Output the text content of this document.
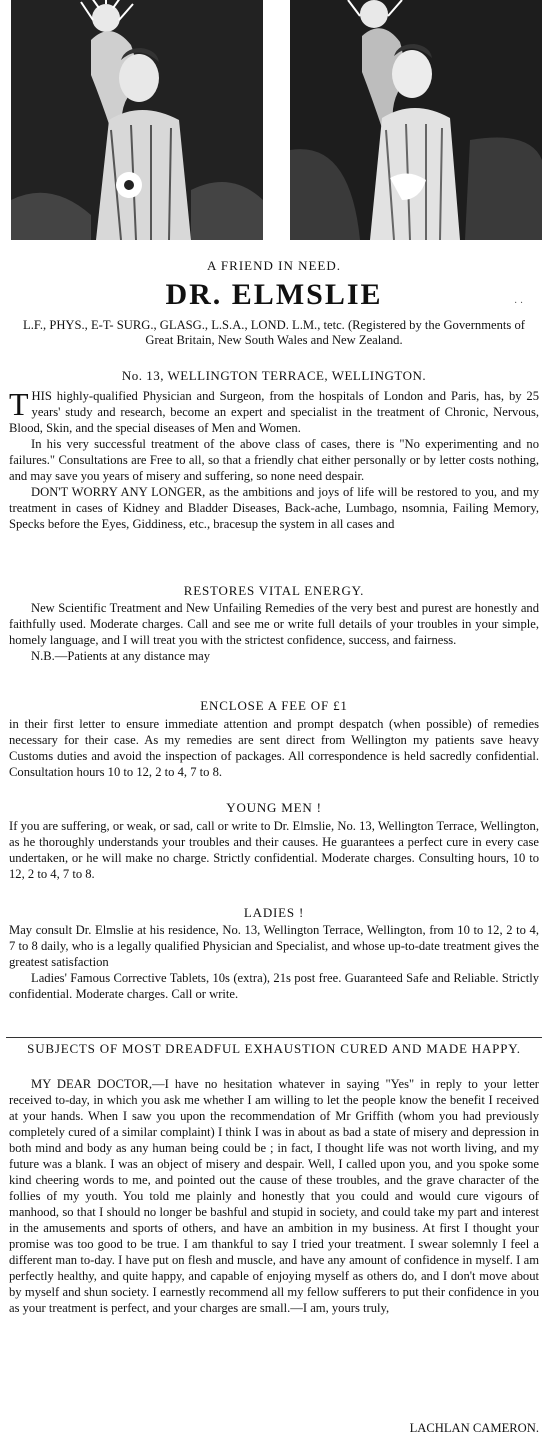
A FRIEND IN NEED.

DR. ELMSLIE	· ·

L.F., PHYS., E-T- SURG., GLASG., L.S.A., LOND. L.M., tetc. (Registered by the Governments of Great Britain, New South Wales and New Zealand.

No. 13, WELLINGTON TERRACE, WELLINGTON.

THIS highly-qualified Physician and Surgeon, from the hospitals of London and Paris, has, by 25 years' study and research, become an expert and specialist in the treatment of Chronic, Nervous, Blood, Skin, and the special diseases of Men and Women.

In his very successful treatment of the above class of cases, there is "No experimenting and no failures." Consultations are Free to all, so that a friendly chat either personally or by letter costs nothing, and may save you years of misery and suffering, so none need despair.

DON'T WORRY ANY LONGER, as the ambitions and joys of life will be restored to you, and my treatment in cases of Kidney and Bladder Diseases, Back-ache, Lumbago, nsomnia, Failing Memory, Specks before the Eyes, Giddiness, etc., bracesup the system in all cases and

RESTORES VITAL ENERGY.

New Scientific Treatment and New Unfailing Remedies of the very best and purest are honestly and faithfully used. Moderate charges. Call and see me or write full details of your troubles in your simple, homely language, and I will treat you with the strictest confidence, success, and fairness.

N.B.—Patients at any distance may

ENCLOSE A FEE OF £1

in their first letter to ensure immediate attention and prompt despatch (when possible) of remedies necessary for their case. As my remedies are sent direct from Wellington my patients save heavy Customs duties and avoid the inspection of packages. All correspondence is held sacredly confidential. Consultation hours 10 to 12, 2 to 4, 7 to 8.

YOUNG MEN !

If you are suffering, or weak, or sad, call or write to Dr. Elmslie, No. 13, Wellington Terrace, Wellington, as he thoroughly understands your troubles and their causes. He guarantees a perfect cure in every case undertaken, or he will make no charge. Strictly confidential. Moderate charges. Consulting hours, 10 to 12, 2 to 4, 7 to 8.

LADIES !

May consult Dr. Elmslie at his residence, No. 13, Wellington Terrace, Wellington, from 10 to 12, 2 to 4, 7 to 8 daily, who is a legally qualified Physician and Specialist, and whose up-to-date treatment gives the greatest satisfaction

Ladies' Famous Corrective Tablets, 10s (extra), 21s post free. Guaranteed Safe and Reliable. Strictly confidential. Moderate charges. Call or write.

SUBJECTS OF MOST DREADFUL EXHAUSTION CURED AND MADE HAPPY.

MY DEAR DOCTOR,—I have no hesitation whatever in saying "Yes" in reply to your letter received to-day, in which you ask me whether I am willing to let the people know the benefit I received at your hands. When I saw you upon the recommendation of Mr Griffith (whom you had previously completely cured of a similar complaint) I think I was in about as bad a state of misery and depression in both mind and body as any human being could be ; in fact, I thought life was not worth living, and my future was a blank. I was an object of misery and despair. Well, I called upon you, and you spoke some kind cheering words to me, and pointed out the cause of these troubles, and the grave character of the follies of my youth. You told me plainly and honestly that you could and would cure vigours of manhood, so that I should no longer be bashful and stupid in society, and could take my part and interest in the amusements and sports of others, and have an ambition in my business. At first I thought your promise was too good to be true. I am thankful to say I tried your treatment. I swear solemnly I feel a different man to-day. I have put on flesh and muscle, and have any amount of confidence in myself. I am perfectly healthy, and quite happy, and capable of enjoying myself as others do, and I don't move about by myself and shun society. I earnestly recommend all my fellow sufferers to put their confidence in you as your treatment is perfect, and your charges are small.—I am, yours truly,

LACHLAN CAMERON.
